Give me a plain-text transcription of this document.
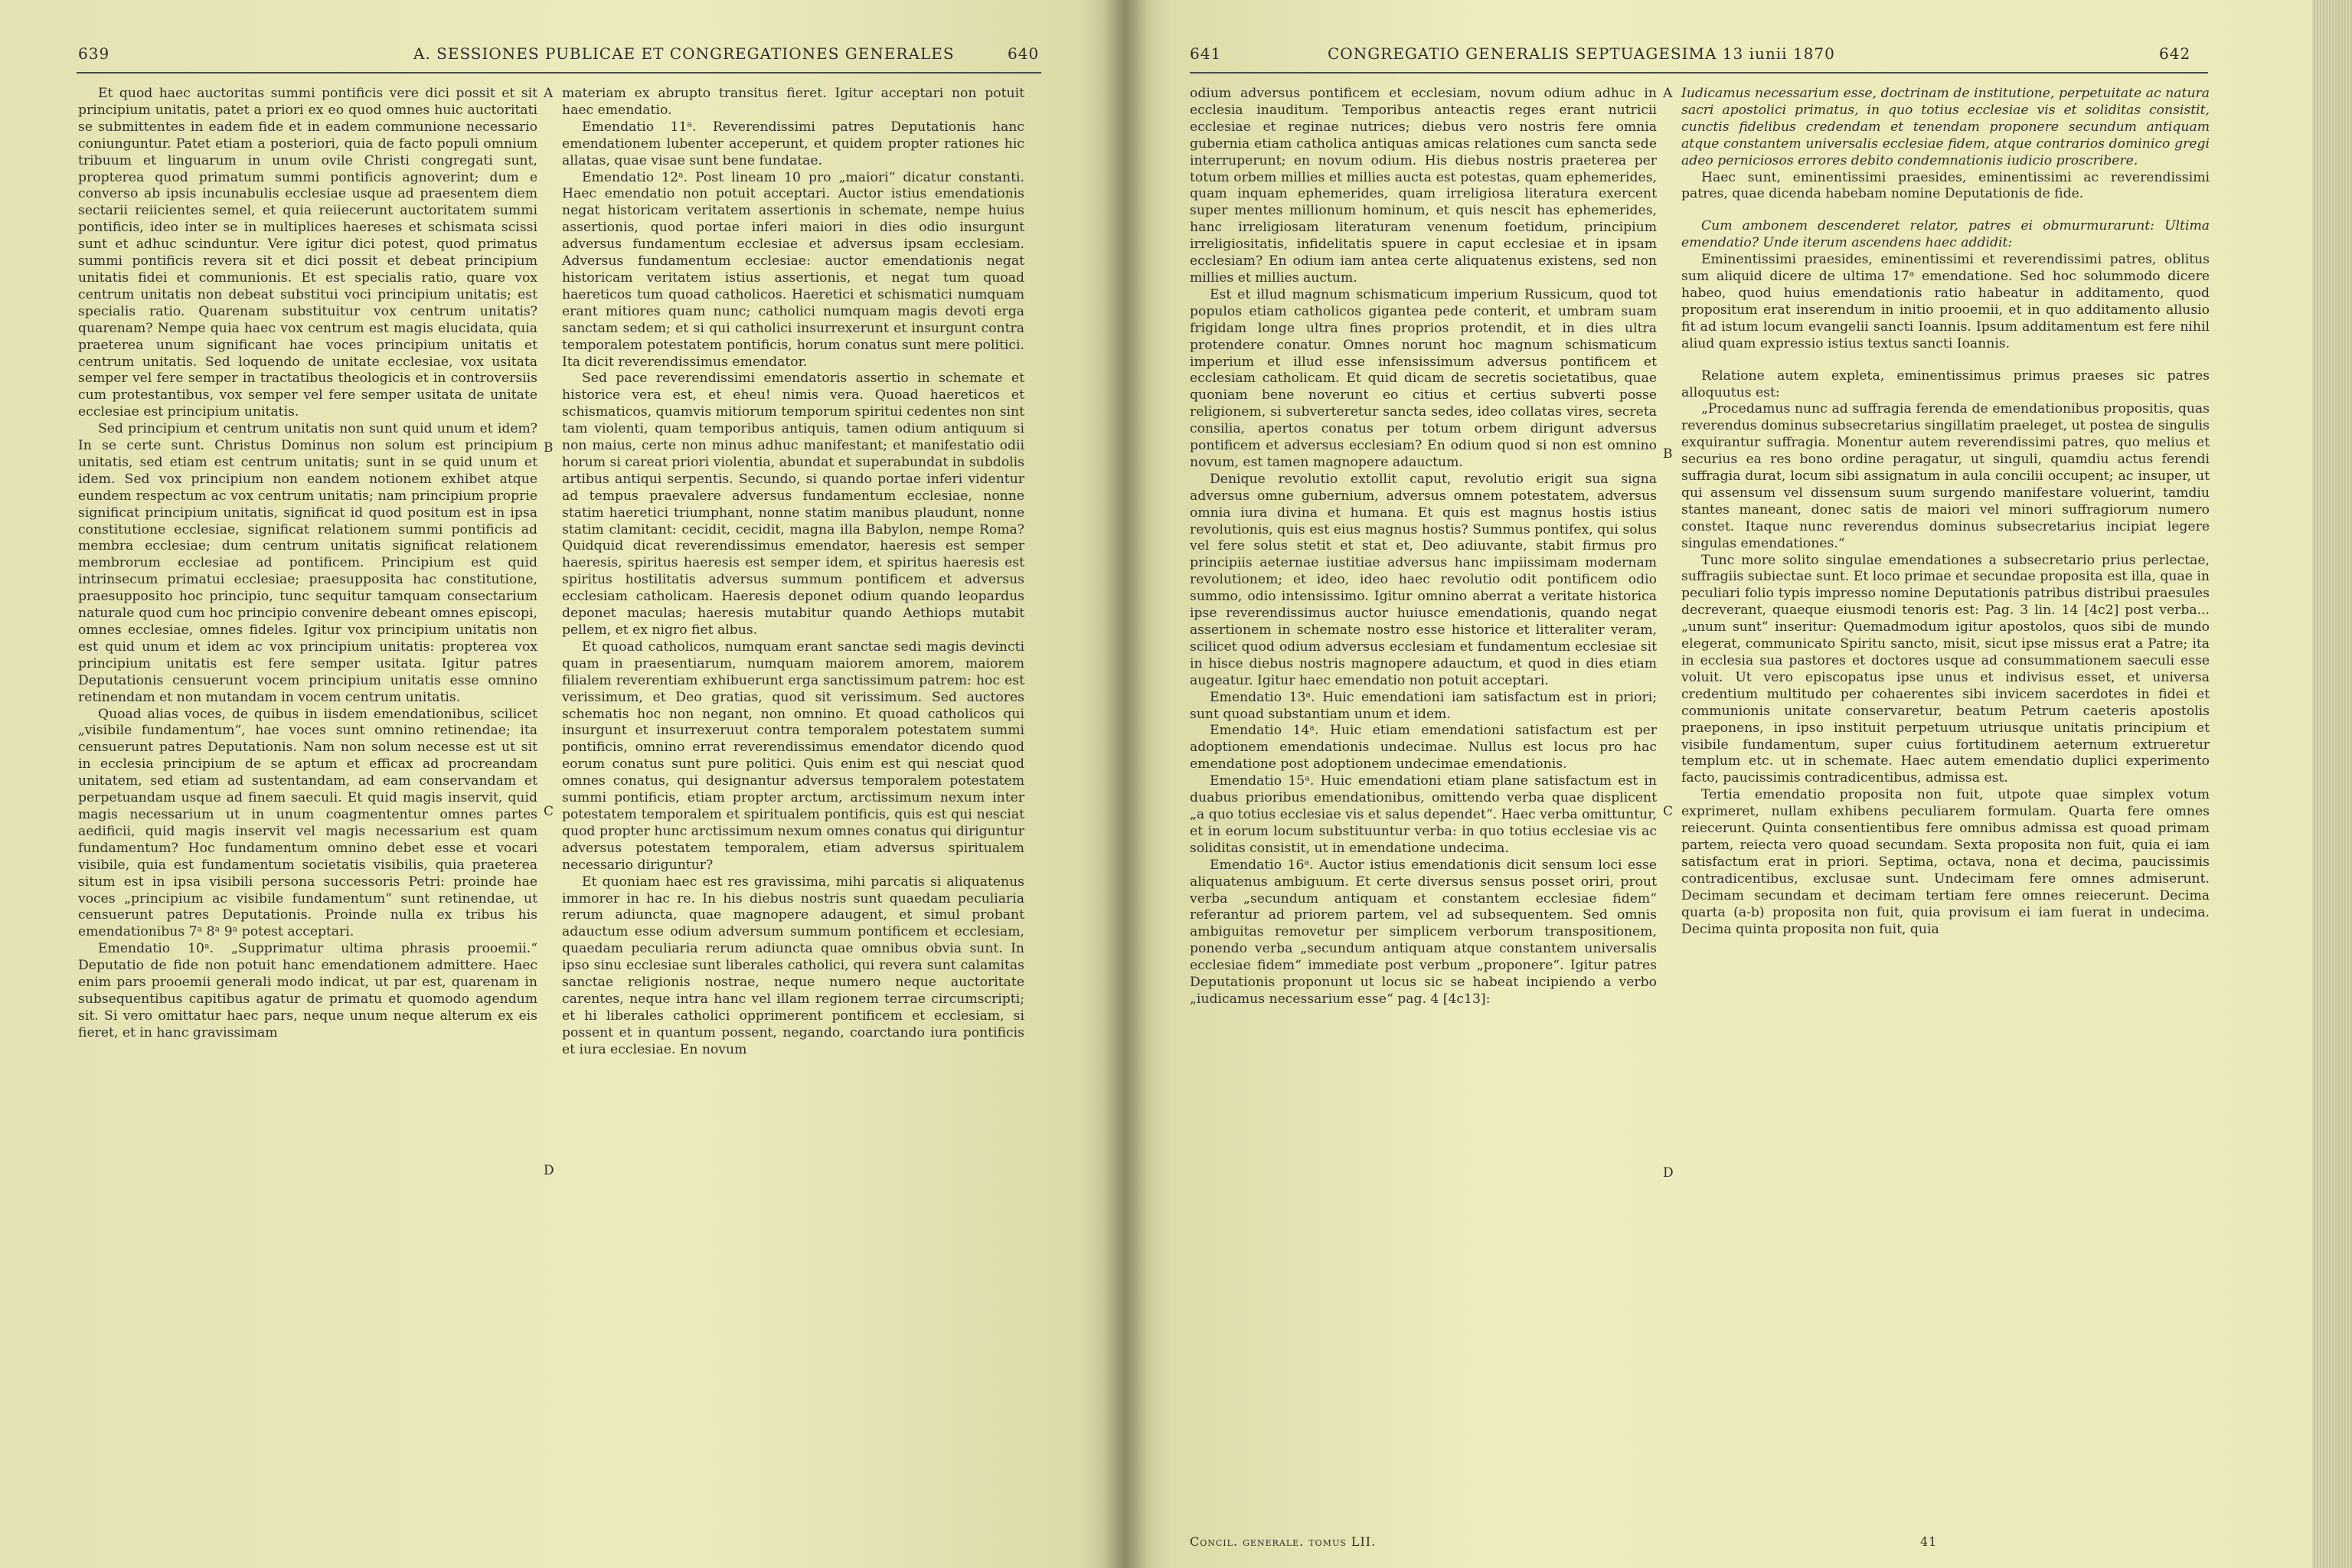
639	A. SESSIONES PUBLICAE ET CONGREGATIONES GENERALES	640

Et quod haec auctoritas summi pontificis vere dici possit et sit principium unitatis, patet a priori ex eo quod omnes huic auctoritati se submittentes in eadem fide et in eadem communione necessario coniunguntur. Patet etiam a posteriori, quia de facto populi omnium tribuum et linguarum in unum ovile Christi congregati sunt, propterea quod primatum summi pontificis agnoverint; dum e converso ab ipsis incunabulis ecclesiae usque ad praesentem diem sectarii reiicientes semel, et quia reiiecerunt auctoritatem summi pontificis, ideo inter se in multiplices haereses et schismata scissi sunt et adhuc scinduntur. Vere igitur dici potest, quod primatus summi pontificis revera sit et dici possit et debeat principium unitatis fidei et communionis. Et est specialis ratio, quare vox centrum unitatis non debeat substitui voci principium unitatis; est specialis ratio. Quarenam substituitur vox centrum unitatis? quarenam? Nempe quia haec vox centrum est magis elucidata, quia praeterea unum significant hae voces principium unitatis et centrum unitatis. Sed loquendo de unitate ecclesiae, vox usitata semper vel fere semper in tractatibus theologicis et in controversiis cum protestantibus, vox semper vel fere semper usitata de unitate ecclesiae est principium unitatis.

Sed principium et centrum unitatis non sunt quid unum et idem? In se certe sunt. Christus Dominus non solum est principium unitatis, sed etiam est centrum unitatis; sunt in se quid unum et idem. Sed vox principium non eandem notionem exhibet atque eundem respectum ac vox centrum unitatis; nam principium proprie significat principium unitatis, significat id quod positum est in ipsa constitutione ecclesiae, significat relationem summi pontificis ad membra ecclesiae; dum centrum unitatis significat relationem membrorum ecclesiae ad pontificem. Principium est quid intrinsecum primatui ecclesiae; praesupposita hac constitutione, praesupposito hoc principio, tunc sequitur tamquam consectarium naturale quod cum hoc principio convenire debeant omnes episcopi, omnes ecclesiae, omnes fideles. Igitur vox principium unitatis non est quid unum et idem ac vox principium unitatis: propterea vox principium unitatis est fere semper usitata. Igitur patres Deputationis censuerunt vocem principium unitatis esse omnino retinendam et non mutandam in vocem centrum unitatis.

Quoad alias voces, de quibus in iisdem emendationibus, scilicet „visibile fundamentum“, hae voces sunt omnino retinendae; ita censuerunt patres Deputationis. Nam non solum necesse est ut sit in ecclesia principium de se aptum et efficax ad procreandam unitatem, sed etiam ad sustentandam, ad eam conservandam et perpetuandam usque ad finem saeculi. Et quid magis inservit, quid magis necessarium ut in unum coagmententur omnes partes aedificii, quid magis inservit vel magis necessarium est quam fundamentum? Hoc fundamentum omnino debet esse et vocari visibile, quia est fundamentum societatis visibilis, quia praeterea situm est in ipsa visibili persona successoris Petri: proinde hae voces „principium ac visibile fundamentum“ sunt retinendae, ut censuerunt patres Deputationis. Proinde nulla ex tribus his emendationibus 7ᵃ 8ᵃ 9ᵃ potest acceptari.

Emendatio 10ᵃ. „Supprimatur ultima phrasis prooemii.“ Deputatio de fide non potuit hanc emendationem admittere. Haec enim pars prooemii generali modo indicat, ut par est, quarenam in subsequentibus capitibus agatur de primatu et quomodo agendum sit. Si vero omittatur haec pars, neque unum neque alterum ex eis fieret, et in hanc gravissimam

A
B
C
D

materiam ex abrupto transitus fieret. Igitur acceptari non potuit haec emendatio.

Emendatio 11ᵃ. Reverendissimi patres Deputationis hanc emendationem lubenter acceperunt, et quidem propter rationes hic allatas, quae visae sunt bene fundatae.

Emendatio 12ᵃ. Post lineam 10 pro „maiori“ dicatur constanti. Haec emendatio non potuit acceptari. Auctor istius emendationis negat historicam veritatem assertionis in schemate, nempe huius assertionis, quod portae inferi maiori in dies odio insurgunt adversus fundamentum ecclesiae et adversus ipsam ecclesiam. Adversus fundamentum ecclesiae: auctor emendationis negat historicam veritatem istius assertionis, et negat tum quoad haereticos tum quoad catholicos. Haeretici et schismatici numquam erant mitiores quam nunc; catholici numquam magis devoti erga sanctam sedem; et si qui catholici insurrexerunt et insurgunt contra temporalem potestatem pontificis, horum conatus sunt mere politici. Ita dicit reverendissimus emendator.

Sed pace reverendissimi emendatoris assertio in schemate et historice vera est, et eheu! nimis vera. Quoad haereticos et schismaticos, quamvis mitiorum temporum spiritui cedentes non sint tam violenti, quam temporibus antiquis, tamen odium antiquum si non maius, certe non minus adhuc manifestant; et manifestatio odii horum si careat priori violentia, abundat et superabundat in subdolis artibus antiqui serpentis. Secundo, si quando portae inferi videntur ad tempus praevalere adversus fundamentum ecclesiae, nonne statim haeretici triumphant, nonne statim manibus plaudunt, nonne statim clamitant: cecidit, cecidit, magna illa Babylon, nempe Roma? Quidquid dicat reverendissimus emendator, haeresis est semper haeresis, spiritus haeresis est semper idem, et spiritus haeresis est spiritus hostilitatis adversus summum pontificem et adversus ecclesiam catholicam. Haeresis deponet odium quando leopardus deponet maculas; haeresis mutabitur quando Aethiops mutabit pellem, et ex nigro fiet albus.

Et quoad catholicos, numquam erant sanctae sedi magis devincti quam in praesentiarum, numquam maiorem amorem, maiorem filialem reverentiam exhibuerunt erga sanctissimum patrem: hoc est verissimum, et Deo gratias, quod sit verissimum. Sed auctores schematis hoc non negant, non omnino. Et quoad catholicos qui insurgunt et insurrexeruut contra temporalem potestatem summi pontificis, omnino errat reverendissimus emendator dicendo quod eorum conatus sunt pure politici. Quis enim est qui nesciat quod omnes conatus, qui designantur adversus temporalem potestatem summi pontificis, etiam propter arctum, arctissimum nexum inter potestatem temporalem et spiritualem pontificis, quis est qui nesciat quod propter hunc arctissimum nexum omnes conatus qui diriguntur adversus potestatem temporalem, etiam adversus spiritualem necessario diriguntur?

Et quoniam haec est res gravissima, mihi parcatis si aliquatenus immorer in hac re. In his diebus nostris sunt quaedam peculiaria rerum adiuncta, quae magnopere adaugent, et simul probant adauctum esse odium adversum summum pontificem et ecclesiam, quaedam peculiaria rerum adiuncta quae omnibus obvia sunt. In ipso sinu ecclesiae sunt liberales catholici, qui revera sunt calamitas sanctae religionis nostrae, neque numero neque auctoritate carentes, neque intra hanc vel illam regionem terrae circumscripti; et hi liberales catholici opprimerent pontificem et ecclesiam, si possent et in quantum possent, negando, coarctando iura pontificis et iura ecclesiae. En novum

641	CONGREGATIO GENERALIS SEPTUAGESIMA 13 iunii 1870	642

odium adversus pontificem et ecclesiam, novum odium adhuc in ecclesia inauditum. Temporibus anteactis reges erant nutricii ecclesiae et reginae nutrices; diebus vero nostris fere omnia gubernia etiam catholica antiquas amicas relationes cum sancta sede interruperunt; en novum odium. His diebus nostris praeterea per totum orbem millies et millies aucta est potestas, quam ephemerides, quam inquam ephemerides, quam irreligiosa literatura exercent super mentes millionum hominum, et quis nescit has ephemerides, hanc irreligiosam literaturam venenum foetidum, principium irreligiositatis, infidelitatis spuere in caput ecclesiae et in ipsam ecclesiam? En odium iam antea certe aliquatenus existens, sed non millies et millies auctum.

Est et illud magnum schismaticum imperium Russicum, quod tot populos etiam catholicos gigantea pede conterit, et umbram suam frigidam longe ultra fines proprios protendit, et in dies ultra protendere conatur. Omnes norunt hoc magnum schismaticum imperium et illud esse infensissimum adversus pontificem et ecclesiam catholicam. Et quid dicam de secretis societatibus, quae quoniam bene noverunt eo citius et certius subverti posse religionem, si subverteretur sancta sedes, ideo collatas vires, secreta consilia, apertos conatus per totum orbem dirigunt adversus pontificem et adversus ecclesiam? En odium quod si non est omnino novum, est tamen magnopere adauctum.

Denique revolutio extollit caput, revolutio erigit sua signa adversus omne gubernium, adversus omnem potestatem, adversus omnia iura divina et humana. Et quis est magnus hostis istius revolutionis, quis est eius magnus hostis? Summus pontifex, qui solus vel fere solus stetit et stat et, Deo adiuvante, stabit firmus pro principiis aeternae iustitiae adversus hanc impiissimam modernam revolutionem; et ideo, ideo haec revolutio odit pontificem odio summo, odio intensissimo. Igitur omnino aberrat a veritate historica ipse reverendissimus auctor huiusce emendationis, quando negat assertionem in schemate nostro esse historice et litteraliter veram, scilicet quod odium adversus ecclesiam et fundamentum ecclesiae sit in hisce diebus nostris magnopere adauctum, et quod in dies etiam augeatur. Igitur haec emendatio non potuit acceptari.

Emendatio 13ᵃ. Huic emendationi iam satisfactum est in priori; sunt quoad substantiam unum et idem.

Emendatio 14ᵃ. Huic etiam emendationi satisfactum est per adoptionem emendationis undecimae. Nullus est locus pro hac emendatione post adoptionem undecimae emendationis.

Emendatio 15ᵃ. Huic emendationi etiam plane satisfactum est in duabus prioribus emendationibus, omittendo verba quae displicent „a quo totius ecclesiae vis et salus dependet“. Haec verba omittuntur, et in eorum locum substituuntur verba: in quo totius ecclesiae vis ac soliditas consistit, ut in emendatione undecima.

Emendatio 16ᵃ. Auctor istius emendationis dicit sensum loci esse aliquatenus ambiguum. Et certe diversus sensus posset oriri, prout verba „secundum antiquam et constantem ecclesiae fidem“ referantur ad priorem partem, vel ad subsequentem. Sed omnis ambiguitas removetur per simplicem verborum transpositionem, ponendo verba „secundum antiquam atque constantem universalis ecclesiae fidem“ immediate post verbum „proponere“. Igitur patres Deputationis proponunt ut locus sic se habeat incipiendo a verbo „iudicamus necessarium esse“ pag. 4 [4c13]:

A
B
C
D

Iudicamus necessarium esse, doctrinam de institutione, perpetuitate ac natura sacri apostolici primatus, in quo totius ecclesiae vis et soliditas consistit, cunctis fidelibus credendam et tenendam proponere secundum antiquam atque constantem universalis ecclesiae fidem, atque contrarios dominico gregi adeo perniciosos errores debito condemnationis iudicio proscribere.

Haec sunt, eminentissimi praesides, eminentissimi ac reverendissimi patres, quae dicenda habebam nomine Deputationis de fide.

Cum ambonem descenderet relator, patres ei obmurmurarunt: Ultima emendatio? Unde iterum ascendens haec addidit:

Eminentissimi praesides, eminentissimi et reverendissimi patres, oblitus sum aliquid dicere de ultima 17ᵃ emendatione. Sed hoc solummodo dicere habeo, quod huius emendationis ratio habeatur in additamento, quod propositum erat inserendum in initio prooemii, et in quo additamento allusio fit ad istum locum evangelii sancti Ioannis. Ipsum additamentum est fere nihil aliud quam expressio istius textus sancti Ioannis.

Relatione autem expleta, eminentissimus primus praeses sic patres alloquutus est:

„Procedamus nunc ad suffragia ferenda de emendationibus propositis, quas reverendus dominus subsecretarius singillatim praeleget, ut postea de singulis exquirantur suffragia. Monentur autem reverendissimi patres, quo melius et securius ea res bono ordine peragatur, ut singuli, quamdiu actus ferendi suffragia durat, locum sibi assignatum in aula concilii occupent; ac insuper, ut qui assensum vel dissensum suum surgendo manifestare voluerint, tamdiu stantes maneant, donec satis de maiori vel minori suffragiorum numero constet. Itaque nunc reverendus dominus subsecretarius incipiat legere singulas emendationes.“

Tunc more solito singulae emendationes a subsecretario prius perlectae, suffragiis subiectae sunt. Et loco primae et secundae proposita est illa, quae in peculiari folio typis impresso nomine Deputationis patribus distribui praesules decreverant, quaeque eiusmodi tenoris est: Pag. 3 lin. 14 [4c2] post verba... „unum sunt“ inseritur: Quemadmodum igitur apostolos, quos sibi de mundo elegerat, communicato Spiritu sancto, misit, sicut ipse missus erat a Patre; ita in ecclesia sua pastores et doctores usque ad consummationem saeculi esse voluit. Ut vero episcopatus ipse unus et indivisus esset, et universa credentium multitudo per cohaerentes sibi invicem sacerdotes in fidei et communionis unitate conservaretur, beatum Petrum caeteris apostolis praeponens, in ipso instituit perpetuum utriusque unitatis principium et visibile fundamentum, super cuius fortitudinem aeternum extrueretur templum etc. ut in schemate. Haec autem emendatio duplici experimento facto, paucissimis contradicentibus, admissa est.

Tertia emendatio proposita non fuit, utpote quae simplex votum exprimeret, nullam exhibens peculiarem formulam. Quarta fere omnes reiecerunt. Quinta consentientibus fere omnibus admissa est quoad primam partem, reiecta vero quoad secundam. Sexta proposita non fuit, quia ei iam satisfactum erat in priori. Septima, octava, nona et decima, paucissimis contradicentibus, exclusae sunt. Undecimam fere omnes admiserunt. Decimam secundam et decimam tertiam fere omnes reiecerunt. Decima quarta (a-b) proposita non fuit, quia provisum ei iam fuerat in undecima. Decima quinta proposita non fuit, quia

Concil. generale. tomus LII.	41
